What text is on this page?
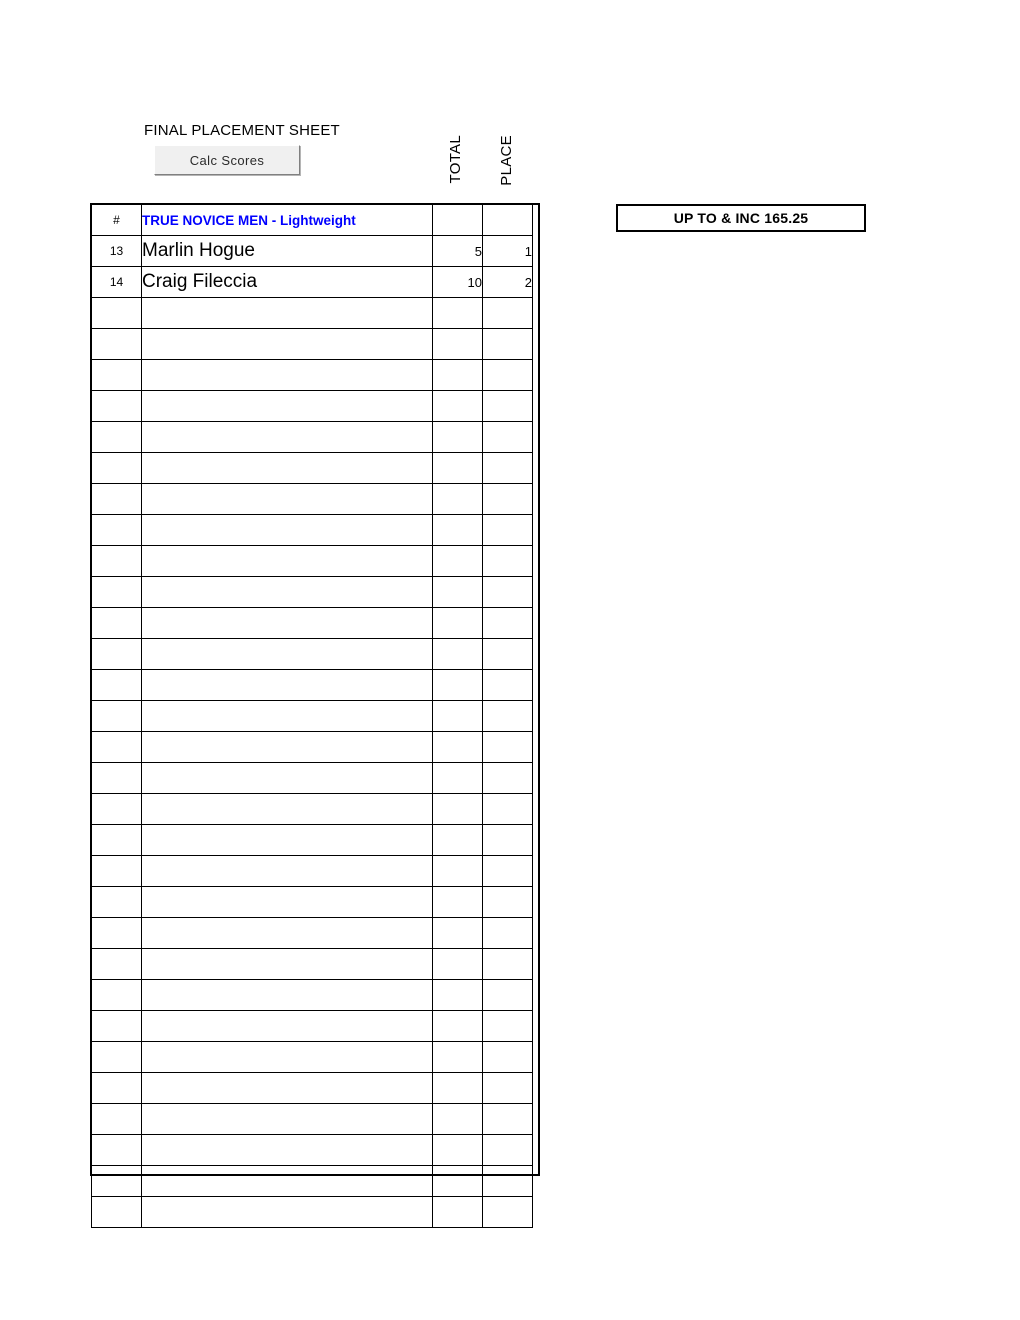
FINAL PLACEMENT SHEET
Calc Scores	TOTAL PLACE
UP TO & INC 165.25
#	TRUE NOVICE MEN - Lightweight		
13	Marlin Hogue	5	1
14	Craig Fileccia	10	2
